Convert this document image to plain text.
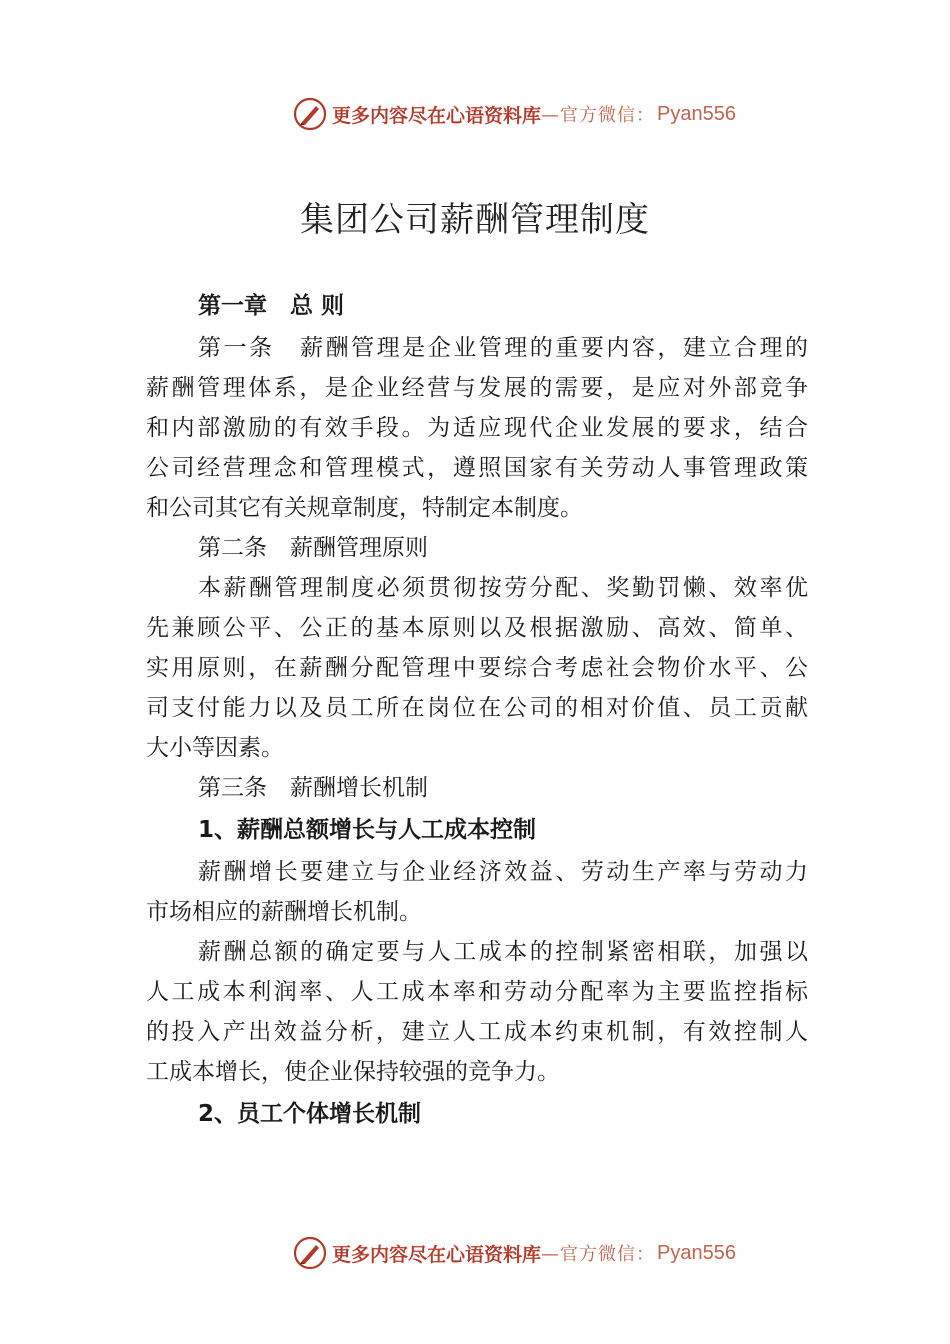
更多内容尽在心语资料库 —官方微信： Pyan556
集团公司薪酬管理制度
第一章　总 则
第一条　薪酬管理是企业管理的重要内容，建立合理的
薪酬管理体系，是企业经营与发展的需要，是应对外部竞争
和内部激励的有效手段。为适应现代企业发展的要求，结合
公司经营理念和管理模式，遵照国家有关劳动人事管理政策
和公司其它有关规章制度，特制定本制度。
第二条　薪酬管理原则
本薪酬管理制度必须贯彻按劳分配、奖勤罚懒、效率优
先兼顾公平、公正的基本原则以及根据激励、高效、简单、
实用原则，在薪酬分配管理中要综合考虑社会物价水平、公
司支付能力以及员工所在岗位在公司的相对价值、员工贡献
大小等因素。
第三条　薪酬增长机制
1、薪酬总额增长与人工成本控制
薪酬增长要建立与企业经济效益、劳动生产率与劳动力
市场相应的薪酬增长机制。
薪酬总额的确定要与人工成本的控制紧密相联，加强以
人工成本利润率、人工成本率和劳动分配率为主要监控指标
的投入产出效益分析，建立人工成本约束机制，有效控制人
工成本增长，使企业保持较强的竞争力。
2、员工个体增长机制
更多内容尽在心语资料库 —官方微信： Pyan556
